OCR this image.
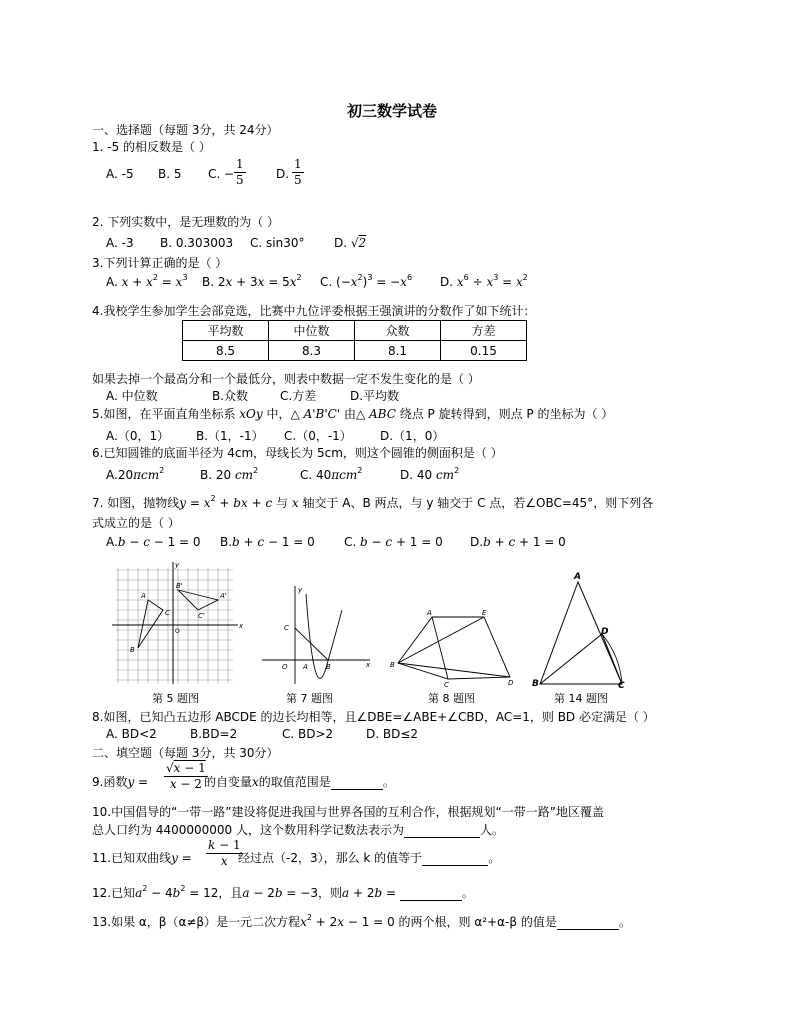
初三数学试卷
一、选择题（每题 3分，共 24分）
1. -5 的相反数是（ ）
A. -5 B. 5 C. − $\frac{1}{5}$	D. $\frac{1}{5}$
2. 下列实数中，是无理数的为（ ）
A. -3 B. 0.303003 C. sin30° D. √2
3.下列计算正确的是（ ）
A. $x + x^2 = x^3$ B. $2x + 3x = 5x^2$ C. $(-x^2)^3 = -x^6$ D. $x^6 \div x^3 = x^2$
4.我校学生参加学生会部竞选，比赛中九位评委根据王强演讲的分数作了如下统计：
平均数	中位数	众数	方差
8.5	8.3	8.1	0.15
如果去掉一个最高分和一个最低分，则表中数据一定不发生变化的是（ ）
A. 中位数	B.众数	C.方差	D.平均数
5.如图，在平面直角坐标系 xOy 中，△ A'B'C' 由△ ABC 绕点 P 旋转得到，则点 P 的坐标为（ ）
A.（0，1） B.（1，-1） C.（0，-1） D.（1，0）
6.已知圆锥的底面半径为 4cm，母线长为 5cm，则这个圆锥的侧面积是（ ）
A.20πcm$^2$	B. 20 $cm^2$	C. 40πcm$^2$	D. 40 $cm^2$
7. 如图，抛物线$y = x^2$ + bx + c 与 x 轴交于 A、B 两点，与 y 轴交于 C 点，若∠OBC=45°，则下列各
式成立的是（ ）
A.b − c − 1 = 0 B.b + c − 1 = 0 C. b − c + 1 = 0 D.b + c + 1 = 0
A
B
C
B'
A'
C'
x
y
O
第 5 题图
C
O A	B	x
y
第 7 题图
A	E
B
C	D
第 8 题图
A
B	C
D
第 14 题图
8.如图，已知凸五边形 ABCDE 的边长均相等，且∠DBE=∠ABE+∠CBD，AC=1，则 BD 必定满足（ ）
A. BD<2	B.BD=2	C. BD>2	D. BD≤2
二、填空题（每题 3分，共 30分）
9.函数$y = \frac{√x - 1}{x - 2}$
的自变量x的取值范围是	。
10.中国倡导的“一带一路”建设将促进我国与世界各国的互利合作，根据规划“一带一路”地区覆盖
总人口约为 4400000000 人，这个数用科学记数法表示为	人。
11.已知双曲线$y = \frac{k - 1}{x}$
经过点（-2，3），那么 k 的值等于	。
12.已知$a^2 - 4b^2 = 12$，且a − 2b = −3，则a + 2b =	。
13.如果 α，β（α≠β）是一元二次方程$x^2 + 2x - 1 = 0$ 的两个根，则 α²+α-β 的值是	。
